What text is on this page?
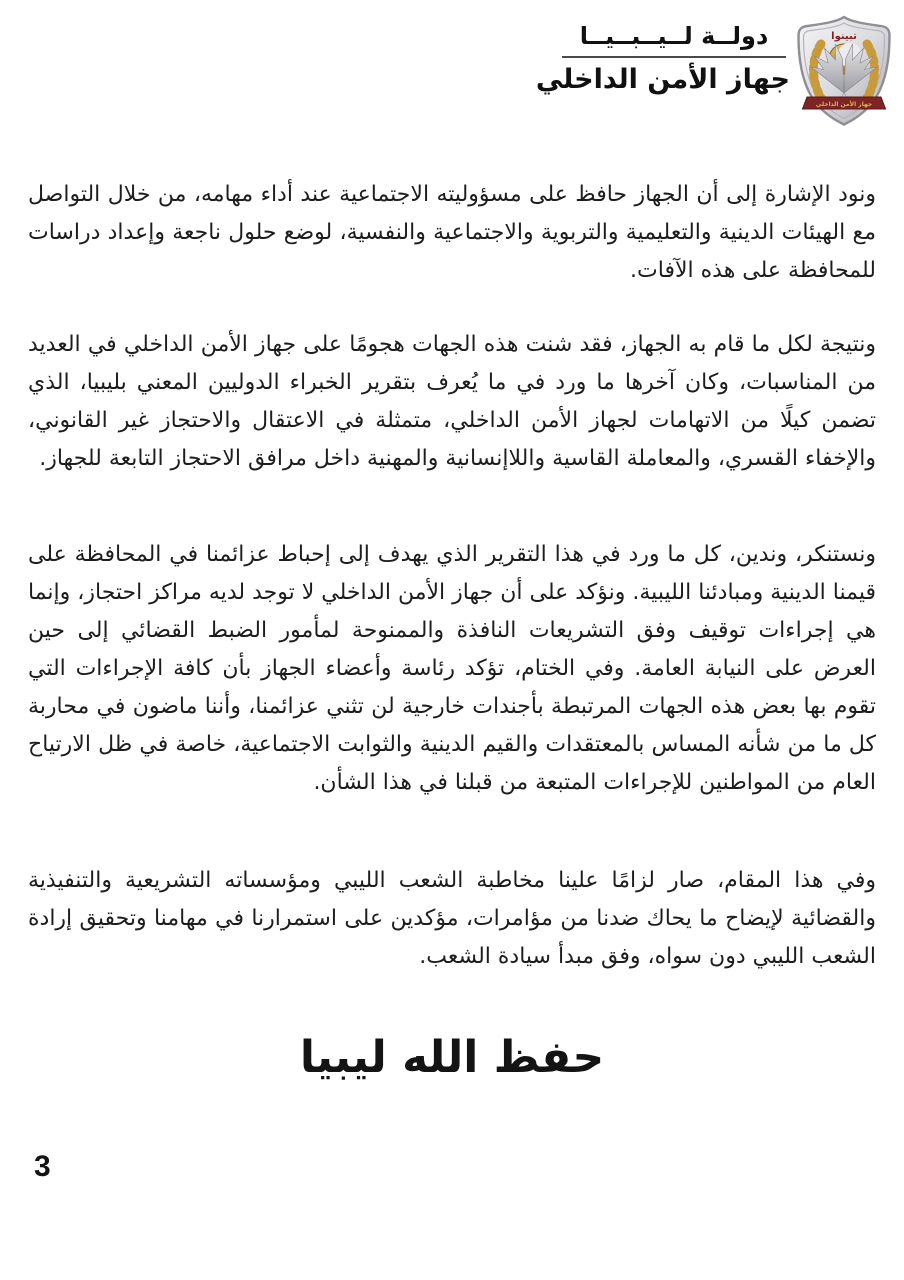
دولــة لــيــبــيــا
جهاز الأمن الداخلي
تبينوا
جهاز الأمن الداخلي

ونود الإشارة إلى أن الجهاز حافظ على مسؤوليته الاجتماعية عند أداء مهامه، من خلال التواصل مع الهيئات الدينية والتعليمية والتربوية والاجتماعية والنفسية، لوضع حلول ناجعة وإعداد دراسات للمحافظة على هذه الآفات.

ونتيجة لكل ما قام به الجهاز، فقد شنت هذه الجهات هجومًا على جهاز الأمن الداخلي في العديد من المناسبات، وكان آخرها ما ورد في ما يُعرف بتقرير الخبراء الدوليين المعني بليبيا، الذي تضمن كيلًا من الاتهامات لجهاز الأمن الداخلي، متمثلة في الاعتقال والاحتجاز غير القانوني، والإخفاء القسري، والمعاملة القاسية واللاإنسانية والمهنية داخل مرافق الاحتجاز التابعة للجهاز.

ونستنكر، وندين، كل ما ورد في هذا التقرير الذي يهدف إلى إحباط عزائمنا في المحافظة على قيمنا الدينية ومبادئنا الليبية. ونؤكد على أن جهاز الأمن الداخلي لا توجد لديه مراكز احتجاز، وإنما هي إجراءات توقيف وفق التشريعات النافذة والممنوحة لمأمور الضبط القضائي إلى حين العرض على النيابة العامة. وفي الختام، تؤكد رئاسة وأعضاء الجهاز بأن كافة الإجراءات التي تقوم بها بعض هذه الجهات المرتبطة بأجندات خارجية لن تثني عزائمنا، وأننا ماضون في محاربة كل ما من شأنه المساس بالمعتقدات والقيم الدينية والثوابت الاجتماعية، خاصة في ظل الارتياح العام من المواطنين للإجراءات المتبعة من قبلنا في هذا الشأن.

وفي هذا المقام، صار لزامًا علينا مخاطبة الشعب الليبي ومؤسساته التشريعية والتنفيذية والقضائية لإيضاح ما يحاك ضدنا من مؤامرات، مؤكدين على استمرارنا في مهامنا وتحقيق إرادة الشعب الليبي دون سواه، وفق مبدأ سيادة الشعب.

حفظ الله ليبيا
3
